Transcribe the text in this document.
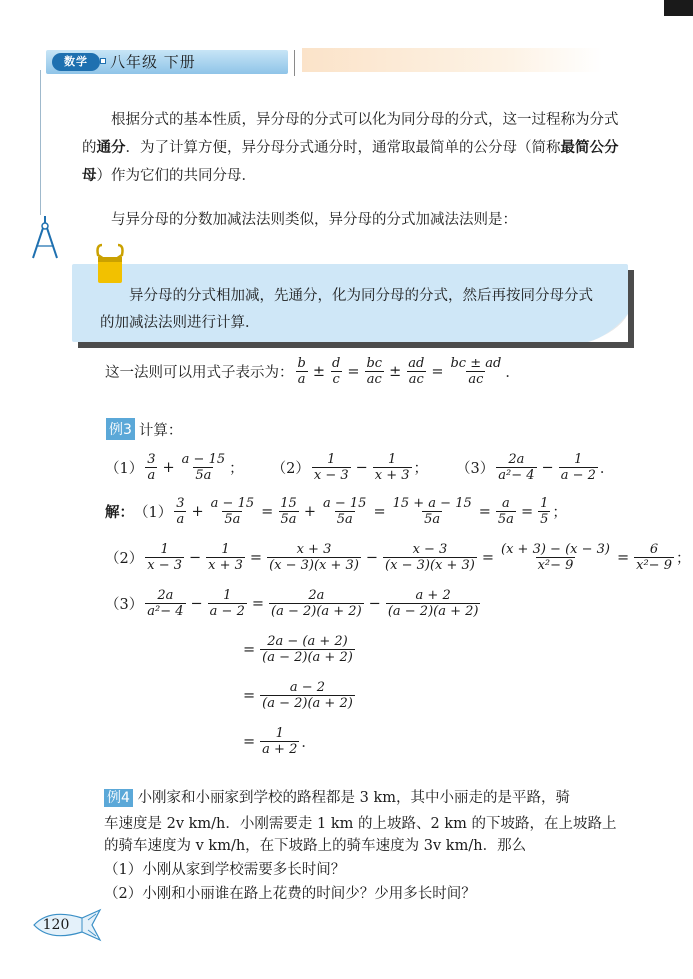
数学	八年级 下册
根据分式的基本性质，异分母的分式可以化为同分母的分式，这一过程称为分式的通分．为了计算方便，异分母分式通分时，通常取最简单的公分母（简称最简公分母）作为它们的共同分母．
与异分母的分数加减法法则类似，异分母的分式加减法法则是：
异分母的分式相加减，先通分，化为同分母的分式，然后再按同分母分式的加减法法则进行计算．
这一法则可以用式子表示为： $\frac{b}{a} \pm \frac{d}{c} = \frac{bc}{ac} \pm \frac{ad}{ac} = \frac{bc \pm ad}{ac}$ ．
例3 计算：
$(1) \frac{3}{a} + \frac{a - 15}{5a}$ ； $(2) \frac{1}{x - 3} - \frac{1}{x + 3}$ ； $(3) \frac{2a}{\text{a²− 4}} - \frac{1}{a - 2}$ ．
解： $(1) \frac{3}{a} + \frac{a - 15}{5a} = \frac{15}{5a} + \frac{a - 15}{5a} = \frac{15 + a - 15}{5a} = \frac{a}{5a} = \frac{1}{5}$ ；
$(2) \frac{1}{x - 3} - \frac{1}{x + 3} = \frac{x + 3}{(x - 3)(x + 3)} - \frac{x - 3}{(x - 3)(x + 3)} = \frac{(x + 3) - (x - 3)}{\text{x²− 9}} = \frac{6}{\text{x²− 9}}$ ；
$(3) \frac{2a}{\text{a²− 4}} - \frac{1}{a - 2} = \frac{2a}{(a - 2)(a + 2)} - \frac{a + 2}{(a - 2)(a + 2)}$
= $\frac{2a - (a + 2)}{(a - 2)(a + 2)}$
= $\frac{a - 2}{(a - 2)(a + 2)}$
= $\frac{1}{a + 2}$ ．
例4 小刚家和小丽家到学校的路程都是 3 km，其中小丽走的是平路，骑
车速度是 2v km/h．小刚需要走 1 km 的上坡路、2 km 的下坡路，在上坡路上
的骑车速度为 v km/h，在下坡路上的骑车速度为 3v km/h．那么
（1）小刚从家到学校需要多长时间？
（2）小刚和小丽谁在路上花费的时间少？少用多长时间？
120
